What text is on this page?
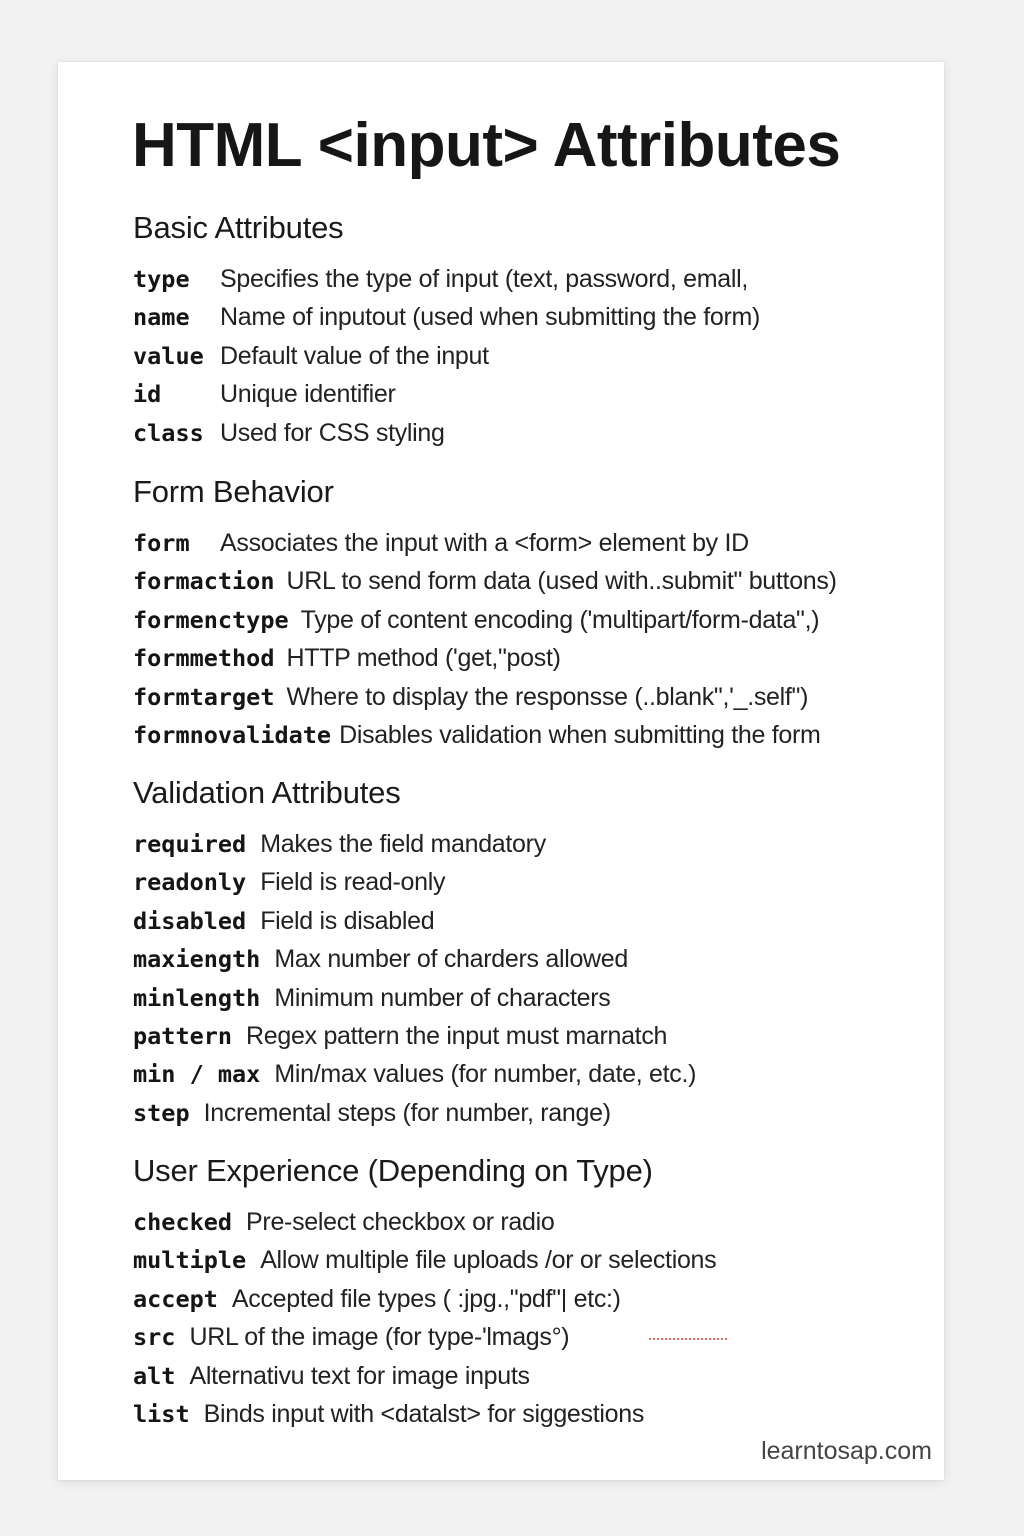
HTML <input> Attributes
Basic Attributes
type Specifies the type of input (text, password, emall,
name Name of inputout (used when submitting the form)
value Default value of the input
id Unique identifier
class Used for CSS styling
Form Behavior
form Associates the input with a <form> element by ID
formaction URL to send form data (used with..submit" buttons)
formenctype Type of content encoding ('multipart/form-data",)
formmethod HTTP method ('get,"post)
formtarget Where to display the responsse (..blank",'_.self")
formnovalidate Disables validation when submitting the form
Validation Attributes
required Makes the field mandatory
readonly Field is read-only
disabled Field is disabled
maxiength Max number of charders allowed
minlength Minimum number of characters
pattern Regex pattern the input must marnatch
min / max Min/max values (for number, date, etc.)
step Incremental steps (for number, range)
User Experience (Depending on Type)
checked Pre-select checkbox or radio
multiple Allow multiple file uploads /or or selections
accept Accepted file types ( :jpg.,"pdf"| etc:)
src URL of the image (for type-'lmags°)
alt Alternativu text for image inputs
list Binds input with <datalst> for siggestions
learntosap.com
